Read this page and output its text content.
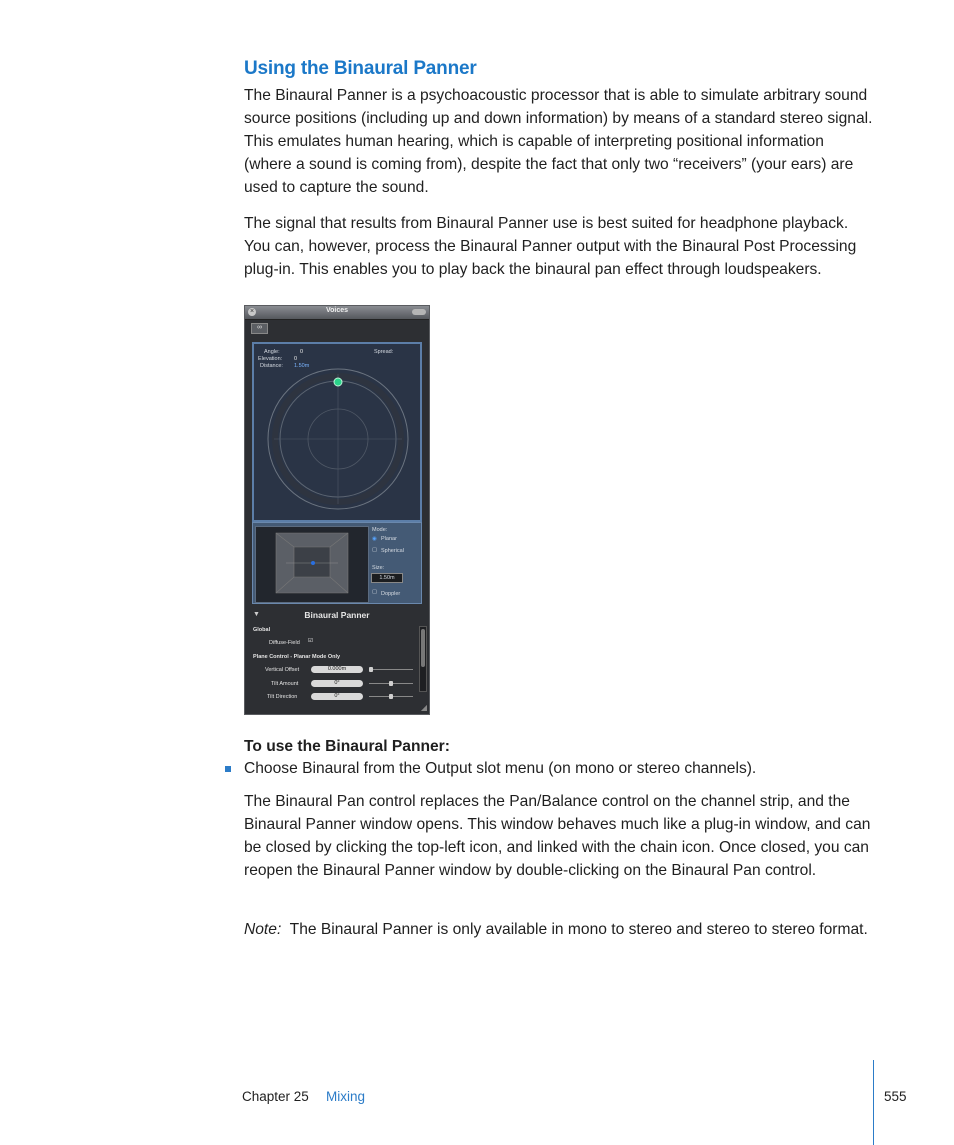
Using the Binaural Panner

The Binaural Panner is a psychoacoustic processor that is able to simulate arbitrary sound source positions (including up and down information) by means of a standard stereo signal. This emulates human hearing, which is capable of interpreting positional information (where a sound is coming from), despite the fact that only two “receivers” (your ears) are used to capture the sound.

The signal that results from Binaural Panner use is best suited for headphone playback. You can, however, process the Binaural Panner output with the Binaural Post Processing plug-in. This enables you to play back the binaural pan effect through loudspeakers.

×	Voices
∞
Angle:	0
Elevation: 0
Distance: 1.50m
Spread:
Mode:
◉ Planar
▢ Spherical
Size:
1.50m
▢ Doppler
▼	Binaural Panner
Global
Diffuse-Field ☑
Plane Control - Planar Mode Only
Vertical Offset	0.000m
Tilt Amount	0°
Tilt Direction	0°
◢
To use the Binaural Panner:
Choose Binaural from the Output slot menu (on mono or stereo channels).

The Binaural Pan control replaces the Pan/Balance control on the channel strip, and the Binaural Panner window opens. This window behaves much like a plug-in window, and can be closed by clicking the top-left icon, and linked with the chain icon. Once closed, you can reopen the Binaural Panner window by double-clicking on the Binaural Pan control.

Note: The Binaural Panner is only available in mono to stereo and stereo to stereo format.

Chapter 25 Mixing	555
